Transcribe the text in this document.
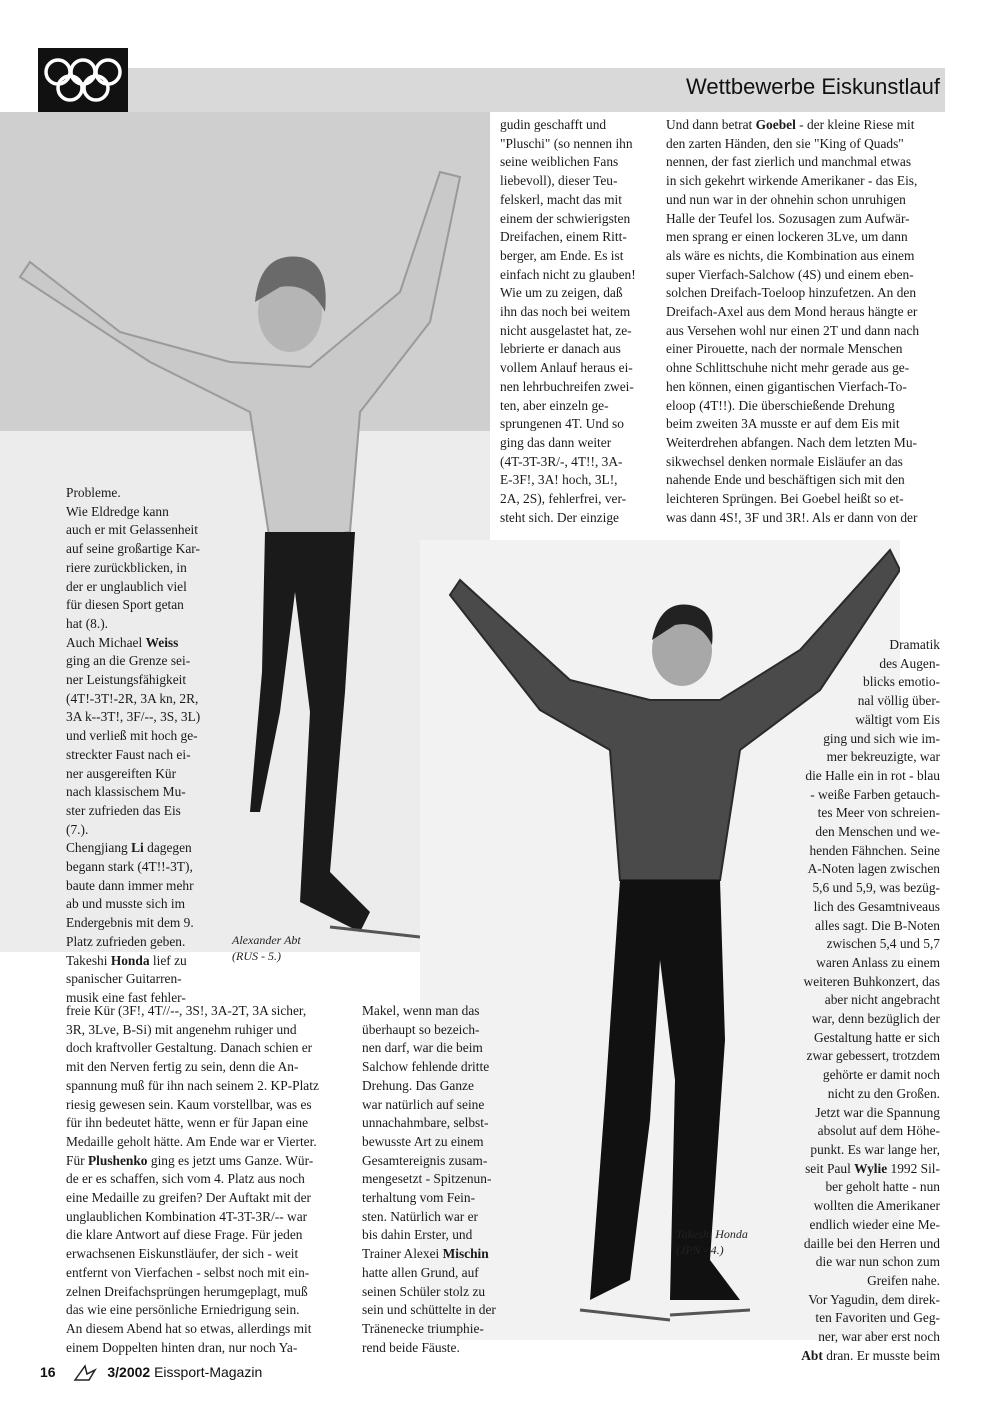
Wettbewerbe Eiskunstlauf
Alexander Abt
(RUS - 5.)
Takeshi Honda
(JPN - 4.)

Probleme.

Wie Eldredge kann

auch er mit Gelassenheit

auf seine großartige Kar-

riere zurückblicken, in

der er unglaublich viel

für diesen Sport getan

hat (8.).

Auch Michael Weiss

ging an die Grenze sei-

ner Leistungsfähigkeit

(4T!-3T!-2R, 3A kn, 2R,

3A k--3T!, 3F/--, 3S, 3L)

und verließ mit hoch ge-

streckter Faust nach ei-

ner ausgereiften Kür

nach klassischem Mu-

ster zufrieden das Eis

(7.).

Chengjiang Li dagegen

begann stark (4T!!-3T),

baute dann immer mehr

ab und musste sich im

Endergebnis mit dem 9.

Platz zufrieden geben.

Takeshi Honda lief zu

spanischer Guitarren-

musik eine fast fehler-

freie Kür (3F!, 4T//--, 3S!, 3A-2T, 3A sicher,

3R, 3Lve, B-Si) mit angenehm ruhiger und

doch kraftvoller Gestaltung. Danach schien er

mit den Nerven fertig zu sein, denn die An-

spannung muß für ihn nach seinem 2. KP-Platz

riesig gewesen sein. Kaum vorstellbar, was es

für ihn bedeutet hätte, wenn er für Japan eine

Medaille geholt hätte. Am Ende war er Vierter.

Für Plushenko ging es jetzt ums Ganze. Wür-

de er es schaffen, sich vom 4. Platz aus noch

eine Medaille zu greifen? Der Auftakt mit der

unglaublichen Kombination 4T-3T-3R/-- war

die klare Antwort auf diese Frage. Für jeden

erwachsenen Eiskunstläufer, der sich - weit

entfernt von Vierfachen - selbst noch mit ein-

zelnen Dreifachsprüngen herumgeplagt, muß

das wie eine persönliche Erniedrigung sein.

An diesem Abend hat so etwas, allerdings mit

einem Doppelten hinten dran, nur noch Ya-

gudin geschafft und

"Pluschi" (so nennen ihn

seine weiblichen Fans

liebevoll), dieser Teu-

felskerl, macht das mit

einem der schwierigsten

Dreifachen, einem Ritt-

berger, am Ende. Es ist

einfach nicht zu glauben!

Wie um zu zeigen, daß

ihn das noch bei weitem

nicht ausgelastet hat, ze-

lebrierte er danach aus

vollem Anlauf heraus ei-

nen lehrbuchreifen zwei-

ten, aber einzeln ge-

sprungenen 4T. Und so

ging das dann weiter

(4T-3T-3R/-, 4T!!, 3A-

E-3F!, 3A! hoch, 3L!,

2A, 2S), fehlerfrei, ver-

steht sich. Der einzige

Makel, wenn man das

überhaupt so bezeich-

nen darf, war die beim

Salchow fehlende dritte

Drehung. Das Ganze

war natürlich auf seine

unnachahmbare, selbst-

bewusste Art zu einem

Gesamtereignis zusam-

mengesetzt - Spitzenun-

terhaltung vom Fein-

sten. Natürlich war er

bis dahin Erster, und

Trainer Alexei Mischin

hatte allen Grund, auf

seinen Schüler stolz zu

sein und schüttelte in der

Tränenecke triumphie-

rend beide Fäuste.

Und dann betrat Goebel - der kleine Riese mit

den zarten Händen, den sie "King of Quads"

nennen, der fast zierlich und manchmal etwas

in sich gekehrt wirkende Amerikaner - das Eis,

und nun war in der ohnehin schon unruhigen

Halle der Teufel los. Sozusagen zum Aufwär-

men sprang er einen lockeren 3Lve, um dann

als wäre es nichts, die Kombination aus einem

super Vierfach-Salchow (4S) und einem eben-

solchen Dreifach-Toeloop hinzufetzen. An den

Dreifach-Axel aus dem Mond heraus hängte er

aus Versehen wohl nur einen 2T und dann nach

einer Pirouette, nach der normale Menschen

ohne Schlittschuhe nicht mehr gerade aus ge-

hen können, einen gigantischen Vierfach-To-

eloop (4T!!). Die überschießende Drehung

beim zweiten 3A musste er auf dem Eis mit

Weiterdrehen abfangen. Nach dem letzten Mu-

sikwechsel denken normale Eisläufer an das

nahende Ende und beschäftigen sich mit den

leichteren Sprüngen. Bei Goebel heißt so et-

was dann 4S!, 3F und 3R!. Als er dann von der

Dramatik

des Augen-

blicks emotio-

nal völlig über-

wältigt vom Eis

ging und sich wie im-

mer bekreuzigte, war

die Halle ein in rot - blau

- weiße Farben getauch-

tes Meer von schreien-

den Menschen und we-

henden Fähnchen. Seine

A-Noten lagen zwischen

5,6 und 5,9, was bezüg-

lich des Gesamtniveaus

alles sagt. Die B-Noten

zwischen 5,4 und 5,7

waren Anlass zu einem

weiteren Buhkonzert, das

aber nicht angebracht

war, denn bezüglich der

Gestaltung hatte er sich

zwar gebessert, trotzdem

gehörte er damit noch

nicht zu den Großen.

Jetzt war die Spannung

absolut auf dem Höhe-

punkt. Es war lange her,

seit Paul Wylie 1992 Sil-

ber geholt hatte - nun

wollten die Amerikaner

endlich wieder eine Me-

daille bei den Herren und

die war nun schon zum

Greifen nahe.

Vor Yagudin, dem direk-

ten Favoriten und Geg-

ner, war aber erst noch

Abt dran. Er musste beim

16	3/2002 Eissport-Magazin
